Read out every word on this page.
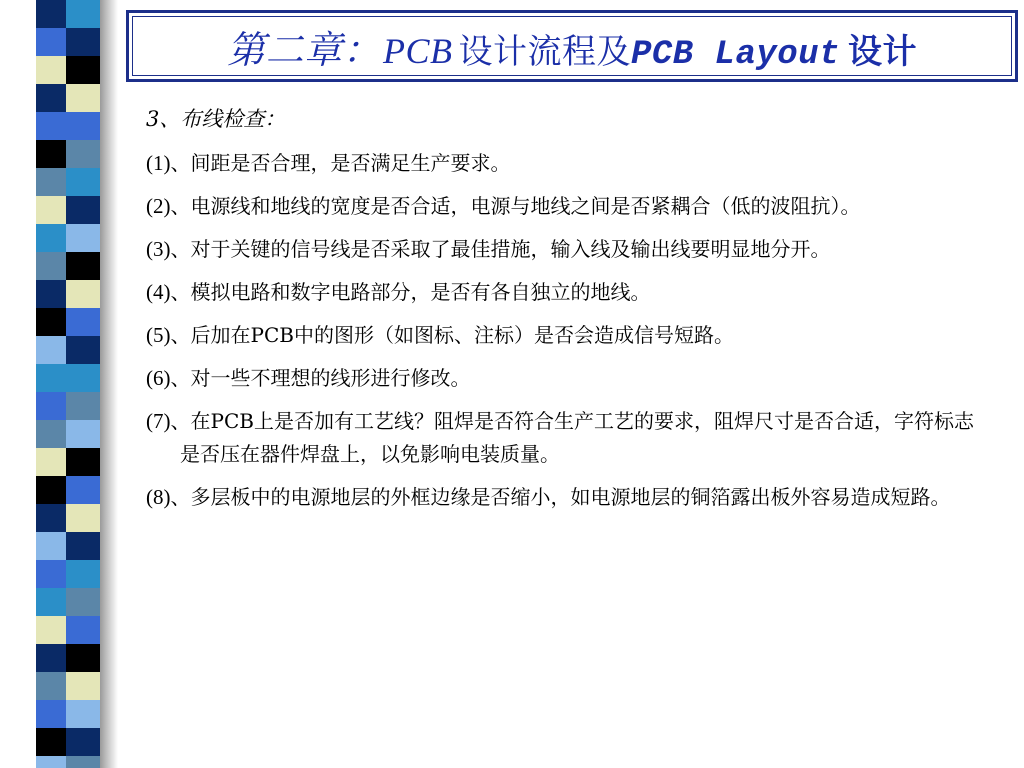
第二章：PCB 设计流程及PCB Layout 设计
3、布线检查：
(1)、间距是否合理，是否满足生产要求。
(2)、电源线和地线的宽度是否合适，电源与地线之间是否紧耦合（低的波阻抗）。
(3)、对于关键的信号线是否采取了最佳措施，输入线及输出线要明显地分开。
(4)、模拟电路和数字电路部分，是否有各自独立的地线。
(5)、后加在PCB中的图形（如图标、注标）是否会造成信号短路。
(6)、对一些不理想的线形进行修改。
(7)、在PCB上是否加有工艺线？阻焊是否符合生产工艺的要求，阻焊尺寸是否合适，字符标志是否压在器件焊盘上，以免影响电装质量。
(8)、多层板中的电源地层的外框边缘是否缩小，如电源地层的铜箔露出板外容易造成短路。
